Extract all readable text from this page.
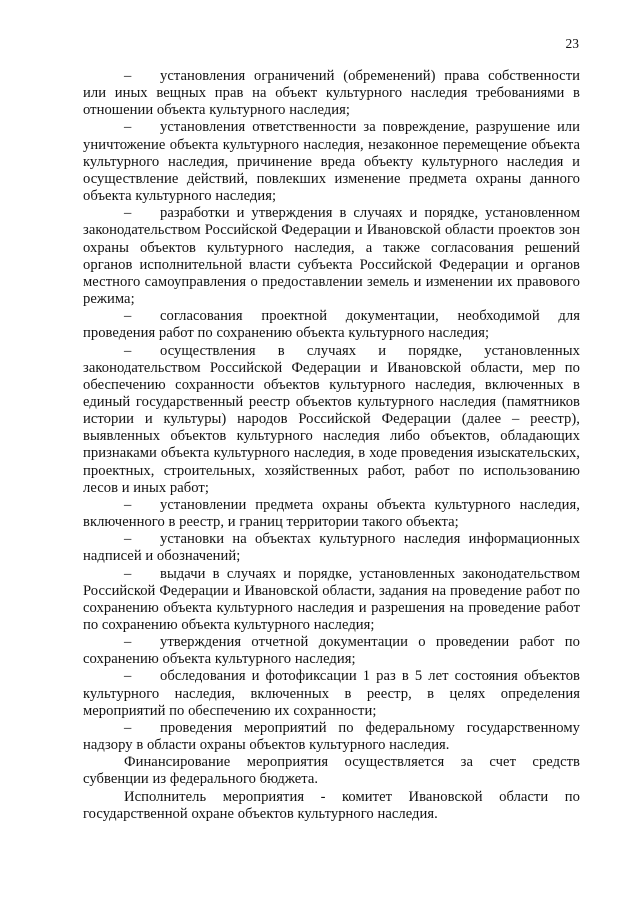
23

– установления ограничений (обременений) права собственности или иных вещных прав на объект культурного наследия требованиями в отношении объекта культурного наследия;

– установления ответственности за повреждение, разрушение или уничтожение объекта культурного наследия, незаконное перемещение объекта культурного наследия, причинение вреда объекту культурного наследия и осуществление действий, повлекших изменение предмета охраны данного объекта культурного наследия;

– разработки и утверждения в случаях и порядке, установленном законодательством Российской Федерации и Ивановской области проектов зон охраны объектов культурного наследия, а также согласования решений органов исполнительной власти субъекта Российской Федерации и органов местного самоуправления о предоставлении земель и изменении их правового режима;

– согласования проектной документации, необходимой для проведения работ по сохранению объекта культурного наследия;

– осуществления в случаях и порядке, установленных законодательством Российской Федерации и Ивановской области, мер по обеспечению сохранности объектов культурного наследия, включенных в единый государственный реестр объектов культурного наследия (памятников истории и культуры) народов Российской Федерации (далее – реестр), выявленных объектов культурного наследия либо объектов, обладающих признаками объекта культурного наследия, в ходе проведения изыскательских, проектных, строительных, хозяйственных работ, работ по использованию лесов и иных работ;

– установлении предмета охраны объекта культурного наследия, включенного в реестр, и границ территории такого объекта;

– установки на объектах культурного наследия информационных надписей и обозначений;

– выдачи в случаях и порядке, установленных законодательством Российской Федерации и Ивановской области, задания на проведение работ по сохранению объекта культурного наследия и разрешения на проведение работ по сохранению объекта культурного наследия;

– утверждения отчетной документации о проведении работ по сохранению объекта культурного наследия;

– обследования и фотофиксации 1 раз в 5 лет состояния объектов культурного наследия, включенных в реестр, в целях определения мероприятий по обеспечению их сохранности;

– проведения мероприятий по федеральному государственному надзору в области охраны объектов культурного наследия.

Финансирование мероприятия осуществляется за счет средств субвенции из федерального бюджета.

Исполнитель мероприятия - комитет Ивановской области по государственной охране объектов культурного наследия.
